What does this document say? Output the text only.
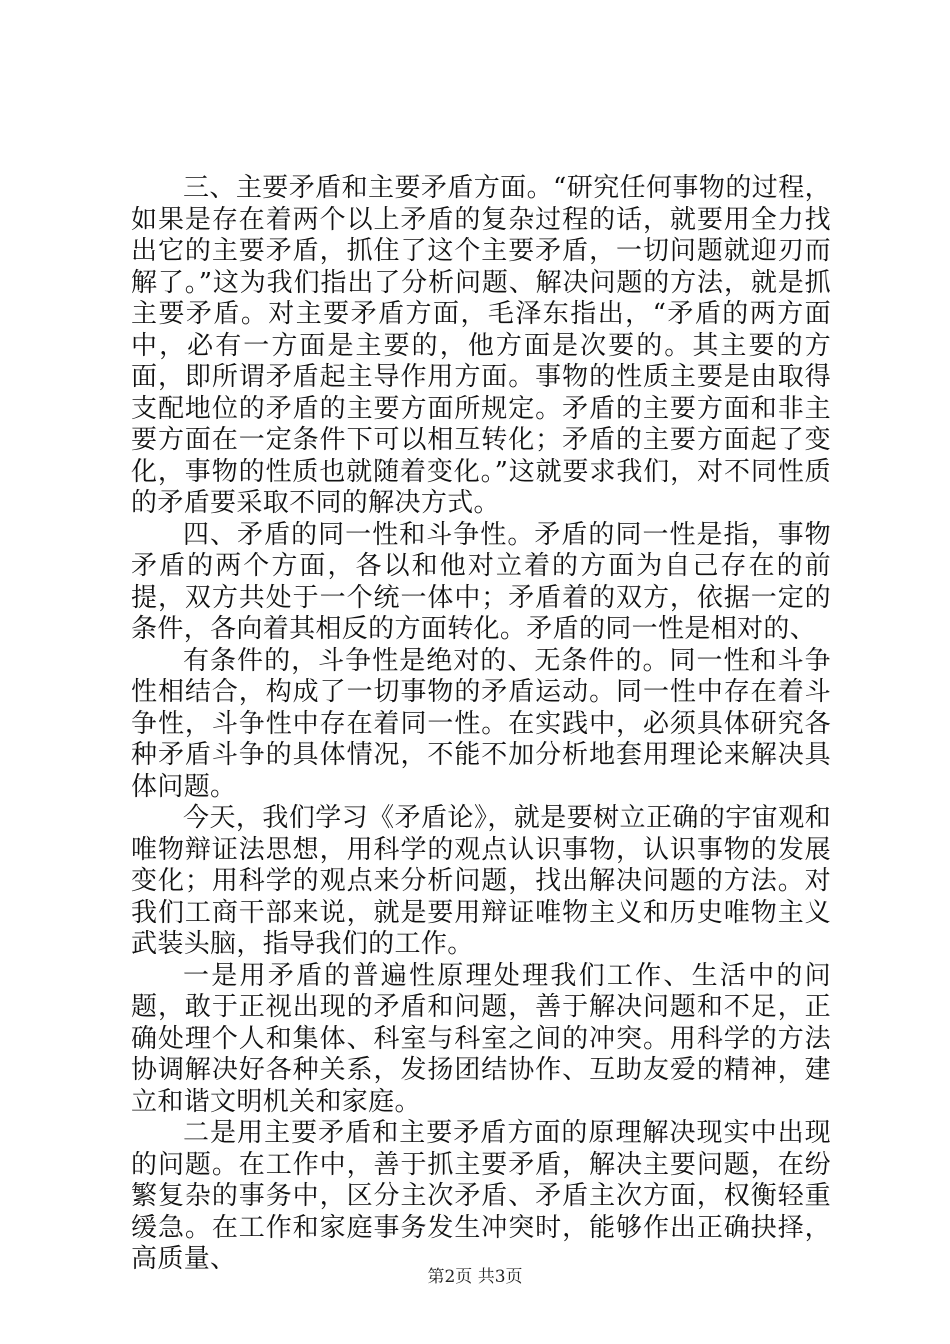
三、主要矛盾和主要矛盾方面。“研究任何事物的过程，如果是存在着两个以上矛盾的复杂过程的话，就要用全力找出它的主要矛盾，抓住了这个主要矛盾，一切问题就迎刃而解了。”这为我们指出了分析问题、解决问题的方法，就是抓主要矛盾。对主要矛盾方面，毛泽东指出，“矛盾的两方面中，必有一方面是主要的，他方面是次要的。其主要的方面，即所谓矛盾起主导作用方面。事物的性质主要是由取得支配地位的矛盾的主要方面所规定。矛盾的主要方面和非主要方面在一定条件下可以相互转化；矛盾的主要方面起了变化，事物的性质也就随着变化。”这就要求我们，对不同性质的矛盾要采取不同的解决方式。

四、矛盾的同一性和斗争性。矛盾的同一性是指，事物矛盾的两个方面，各以和他对立着的方面为自己存在的前提，双方共处于一个统一体中；矛盾着的双方，依据一定的条件，各向着其相反的方面转化。矛盾的同一性是相对的、

有条件的，斗争性是绝对的、无条件的。同一性和斗争性相结合，构成了一切事物的矛盾运动。同一性中存在着斗争性，斗争性中存在着同一性。在实践中，必须具体研究各种矛盾斗争的具体情况，不能不加分析地套用理论来解决具体问题。

今天，我们学习《矛盾论》，就是要树立正确的宇宙观和唯物辩证法思想，用科学的观点认识事物，认识事物的发展变化；用科学的观点来分析问题，找出解决问题的方法。对我们工商干部来说，就是要用辩证唯物主义和历史唯物主义武装头脑，指导我们的工作。

一是用矛盾的普遍性原理处理我们工作、生活中的问题，敢于正视出现的矛盾和问题，善于解决问题和不足，正确处理个人和集体、科室与科室之间的冲突。用科学的方法协调解决好各种关系，发扬团结协作、互助友爱的精神，建立和谐文明机关和家庭。

二是用主要矛盾和主要矛盾方面的原理解决现实中出现的问题。在工作中，善于抓主要矛盾，解决主要问题，在纷繁复杂的事务中，区分主次矛盾、矛盾主次方面，权衡轻重缓急。在工作和家庭事务发生冲突时，能够作出正确抉择，高质量、

第2页 共3页
